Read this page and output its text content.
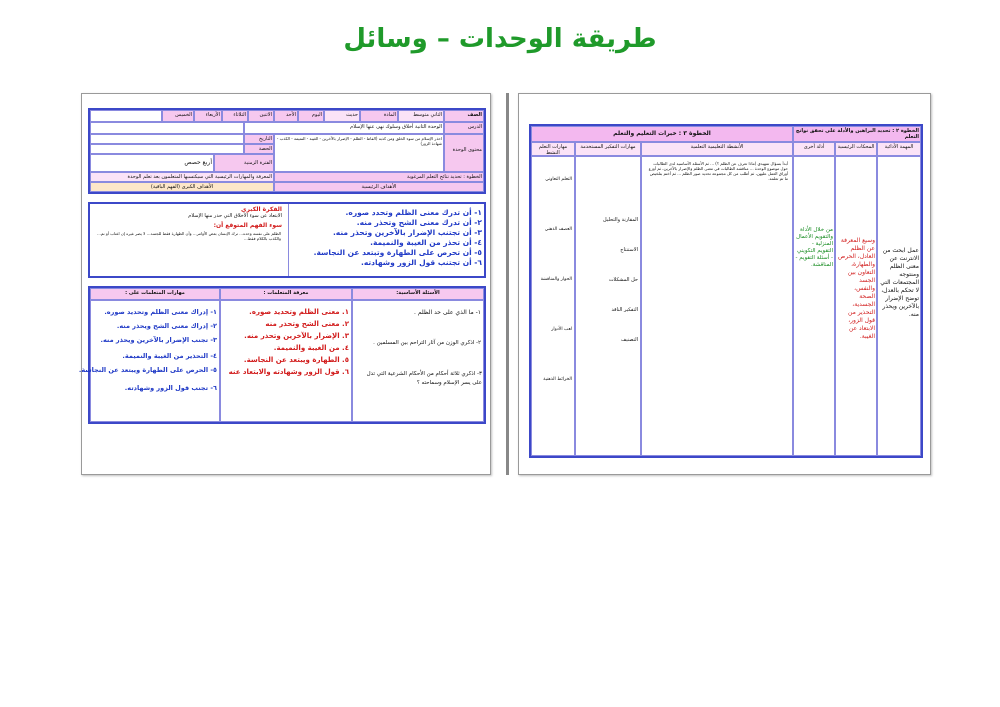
طريقة الوحدات – وسائل
الصف
الثاني متوسط
المادة
حديث
اليوم
الأحد
الاثنين
الثلاثاء
الأربعاء
الخميس
الدرس
الوحدة الثانية أخلاق وسلوك نهى عنها الإسلام
التاريخ
الحصة	محتوى الوحدة
احذر الإسلام من سوء الخلق ومن كذبه (الفاظ - الظلم - الإضرار بالآخرين - الغيبة - النميمة - الكذب - شهادة الزور)
الفترة الزمنية
أربع حصص
الخطوة : تحديد نتائج التعلم المرغوبة
المعرفة والمهارات الرئيسية التي سيكتسبها المتعلمون بعد تعلم الوحدة
الأهداف الرئيسية
الأهداف الكبرى (الفهم الباقية)
١- أن تدرك معنى الظلم وتحدد صوره.
٢- أن تدرك معنى الشح وتحذر منه.
٣- أن تجتنب الإضرار بالآخرين وتحذر منه.
٤- أن تحذر من الغيبة والنميمة.
٥- أن تحرص على الطهارة وتبتعد عن النجاسة.
٦- أن تجتنب قول الزور وشهادته.
الفكرة الكبرى
الابتعاد عن سوء الأخلاق التي حذر منها الإسلام
سوء الفهم المتوقع أن:
الظلم على نفسه وحده... ترك الإنسان بعض الأوامر... وأن الطهارة فقط للجسد... لا يضر غيره إن اغتاب أو نم... والكذب بالكلام فقط...
الأسئلة الأساسية:
معرفة المتعلمات :
مهارات المتعلمات على :
١- ما الذي على حد الظلم .
٢- اذكري الوزن من آثار التراحم بين المسلمين .
٣- اذكري ثلاثة أحكام من الأحكام الشرعية التي تدل على يسر الإسلام وسماحته ؟
١. معنى الظلم وتحديد صوره.
٢. معنى الشح وتحذر منه
٣. الإضرار بالآخرين وتحذر منه.
٤. من الغيبة والنميمة.
٥. الطهارة ويبتعد عن النجاسة.
٦. قول الزور وشهادته والابتعاد عنه
١- إدراك معنى الظلم وتحديد صوره.
٢- إدراك معنى الشح ويحذر منه.
٣- تجنب الإضرار بالآخرين ويحذر منه.
٤- التحذير من الغيبة والنميمة.
٥- الحرص على الطهارة ويبتعد عن النجاسة.
٦- تجنب قول الزور وشهادته.
الخطوة ٢ : تحديد البراهين والأدلة على تحقق نواتج التعلم
الخطوة ٣ : خبرات التعليم والتعلم
المهمة الأدائية
المحكات الرئيسية
أدلة أخرى
الأنشطة التعليمية التعلمية
مهارات التفكير المستخدمة
مهارات التعلم النشط
عمل ابحث من الانترنت عن معنى الظلم ومنتوجه المجتمعات التي لا تحكم بالعدل، توضح الإضرار بالآخرين ويحذر منه.
وسيع المعرفة عن الظلم العادل، الحرص والطهارة، التعاون بين الجسد والنفس، الصحة الجسدية، التحذير من قول الزور، الابتعاد عن الغيبة.
من خلال الأداة والتقويم الأعمال المنزلية - التقويم التكويني - أسئلة التقويم - المناقشة.
أبدأ بسؤال تمهيدي (ماذا تعرف عن الظلم ؟) ... ثم الأسئلة الأساسية لدى الطالبات حول موضوع الوحدة ... مناقشة الطالبات في معنى الظلم والإضرار بالآخرين، ثم أوزع أوراق العمل عليهن، ثم أطلب من كل مجموعة تحديد صور الظلم ... ثم أختم بتلخيص ما تم تعلمه.
المقارنة والتحليل
الاستنتاج
حل المشكلات
التفكير الناقد
التصنيف
التعلم التعاوني
العصف الذهني
الحوار والمناقشة
لعب الأدوار
الخرائط الذهنية
